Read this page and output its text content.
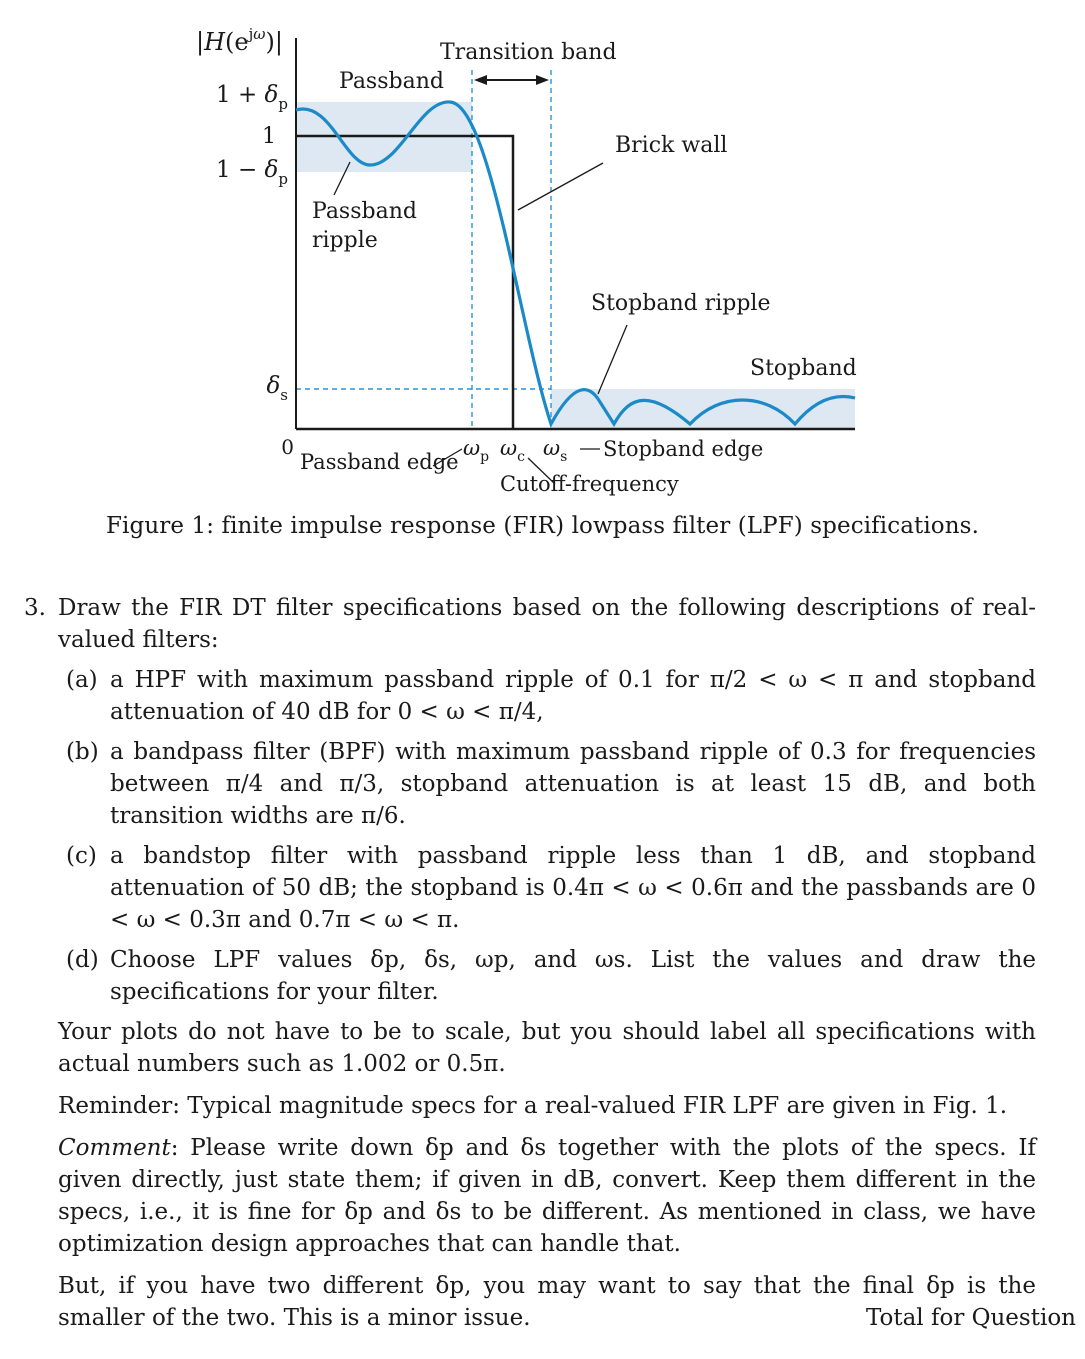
$|H(e^{j\omega})|$
$1 + \delta_p$
1
$1 - \delta_p$
$\delta_s$
0
Transition band
Passband
Brick wall
Passband
ripple
Stopband ripple
Stopband
Passband edge
$\omega_p$ $\omega_c$ $\omega_s$ Stopband edge
Cutoff-frequency
Figure 1: finite impulse response (FIR) lowpass filter (LPF) specifications.
3. Draw the FIR DT filter specifications based on the following descriptions of real-valued filters:
(a) a HPF with maximum passband ripple of 0.1 for π/2 < ω < π and stopband attenuation of 40 dB for 0 < ω < π/4,
(b) a bandpass filter (BPF) with maximum passband ripple of 0.3 for frequencies between π/4 and π/3, stopband attenuation is at least 15 dB, and both transition widths are π/6.
(c) a bandstop filter with passband ripple less than 1 dB, and stopband attenuation of 50 dB; the stopband is 0.4π < ω < 0.6π and the passbands are 0 < ω < 0.3π and 0.7π < ω < π.
(d) Choose LPF values δp, δs, ωp, and ωs. List the values and draw the specifications for your filter.
Your plots do not have to be to scale, but you should label all specifications with actual numbers such as 1.002 or 0.5π.
Reminder: Typical magnitude specs for a real-valued FIR LPF are given in Fig. 1.
Comment: Please write down δp and δs together with the plots of the specs. If given directly, just state them; if given in dB, convert. Keep them different in the specs, i.e., it is fine for δp and δs to be different. As mentioned in class, we have optimization design approaches that can handle that.
But, if you have two different δp, you may want to say that the final δp is the smaller of the two. This is a minor issue.	Total for Question
